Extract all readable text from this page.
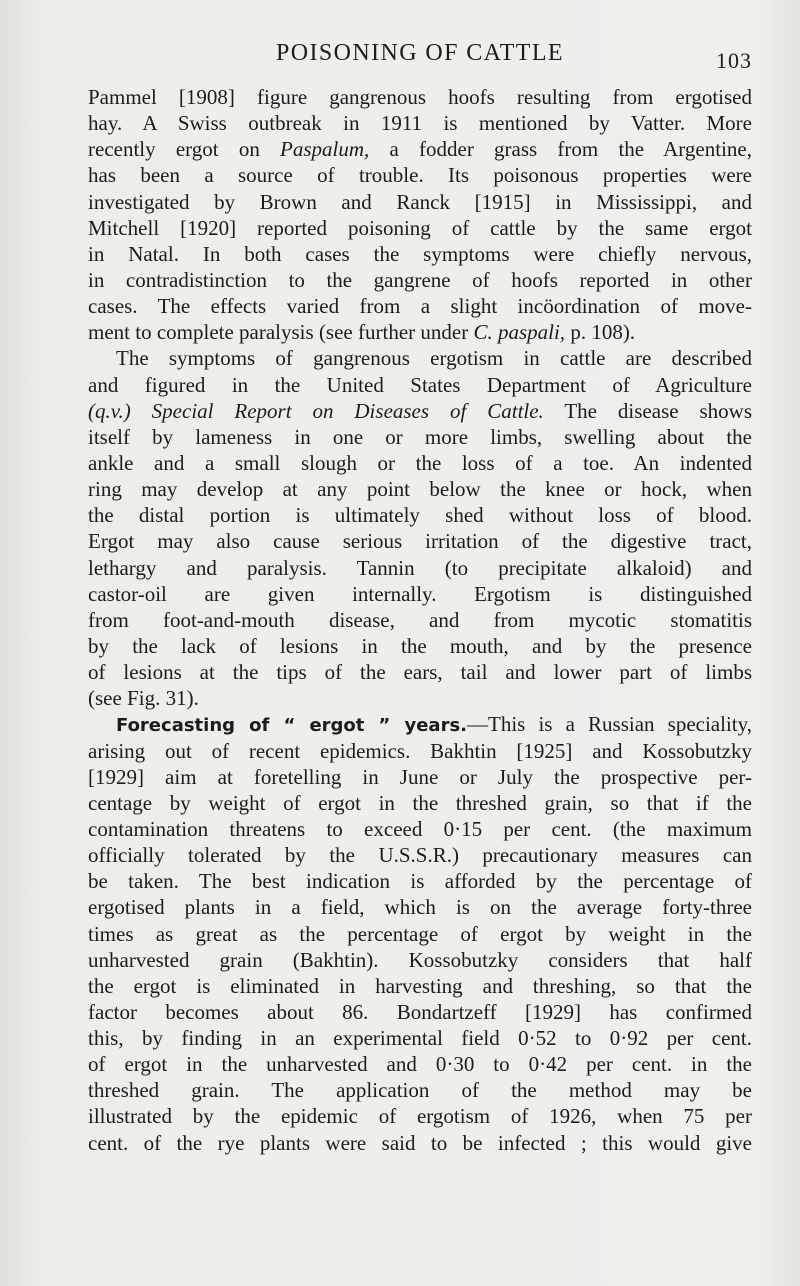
POISONING OF CATTLE	103
Pammel [1908] figure gangrenous hoofs resulting from ergotised
hay. A Swiss outbreak in 1911 is mentioned by Vatter. More
recently ergot on Paspalum, a fodder grass from the Argentine,
has been a source of trouble. Its poisonous properties were
investigated by Brown and Ranck [1915] in Mississippi, and
Mitchell [1920] reported poisoning of cattle by the same ergot
in Natal. In both cases the symptoms were chiefly nervous,
in contradistinction to the gangrene of hoofs reported in other
cases. The effects varied from a slight incöordination of move-
ment to complete paralysis (see further under C. paspali, p. 108).
The symptoms of gangrenous ergotism in cattle are described
and figured in the United States Department of Agriculture
(q.v.) Special Report on Diseases of Cattle. The disease shows
itself by lameness in one or more limbs, swelling about the
ankle and a small slough or the loss of a toe. An indented
ring may develop at any point below the knee or hock, when
the distal portion is ultimately shed without loss of blood.
Ergot may also cause serious irritation of the digestive tract,
lethargy and paralysis. Tannin (to precipitate alkaloid) and
castor-oil are given internally. Ergotism is distinguished
from foot-and-mouth disease, and from mycotic stomatitis
by the lack of lesions in the mouth, and by the presence
of lesions at the tips of the ears, tail and lower part of limbs
(see Fig. 31).
Forecasting of “ ergot ” years.—This is a Russian speciality,
arising out of recent epidemics. Bakhtin [1925] and Kossobutzky
[1929] aim at foretelling in June or July the prospective per-
centage by weight of ergot in the threshed grain, so that if the
contamination threatens to exceed 0·15 per cent. (the maximum
officially tolerated by the U.S.S.R.) precautionary measures can
be taken. The best indication is afforded by the percentage of
ergotised plants in a field, which is on the average forty-three
times as great as the percentage of ergot by weight in the
unharvested grain (Bakhtin). Kossobutzky considers that half
the ergot is eliminated in harvesting and threshing, so that the
factor becomes about 86. Bondartzeff [1929] has confirmed
this, by finding in an experimental field 0·52 to 0·92 per cent.
of ergot in the unharvested and 0·30 to 0·42 per cent. in the
threshed grain. The application of the method may be
illustrated by the epidemic of ergotism of 1926, when 75 per
cent. of the rye plants were said to be infected ; this would give
